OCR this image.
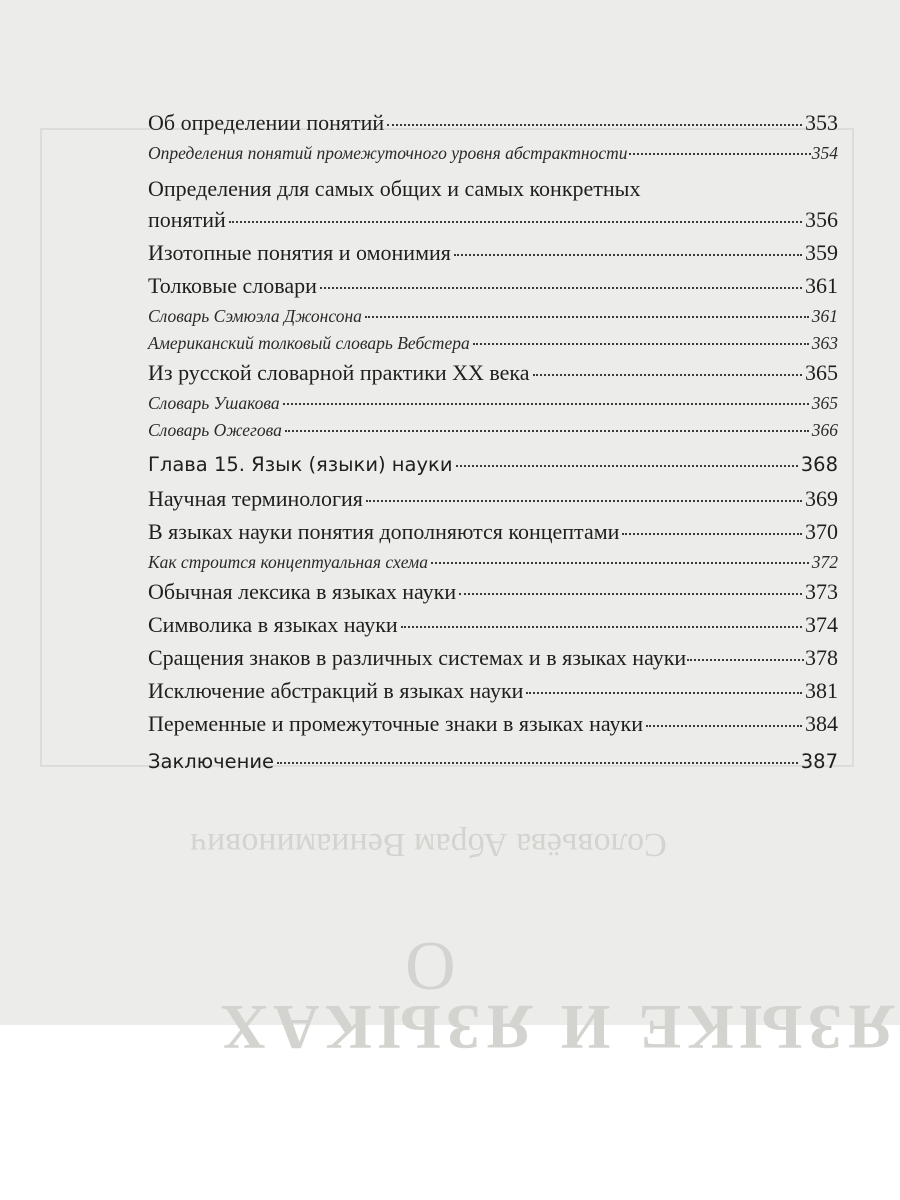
Соловьёва Абрам Вениаминович
О
ЯЗЫКЕ И ЯЗЫКАХ
Об определении понятий	353
Определения понятий промежуточного уровня абстрактности	354
Определения для самых общих и самых конкретных
понятий	356
Изотопные понятия и омонимия	359
Толковые словари	361
Словарь Сэмюэла Джонсона	361
Американский толковый словарь Вебстера	363
Из русской словарной практики XX века	365
Словарь Ушакова	365
Словарь Ожегова	366
Глава 15. Язык (языки) науки	368
Научная терминология	369
В языках науки понятия дополняются концептами	370
Как строится концептуальная схема	372
Обычная лексика в языках науки	373
Символика в языках науки	374
Сращения знаков в различных системах и в языках науки	378
Исключение абстракций в языках науки	381
Переменные и промежуточные знаки в языках науки	384
Заключение	387
